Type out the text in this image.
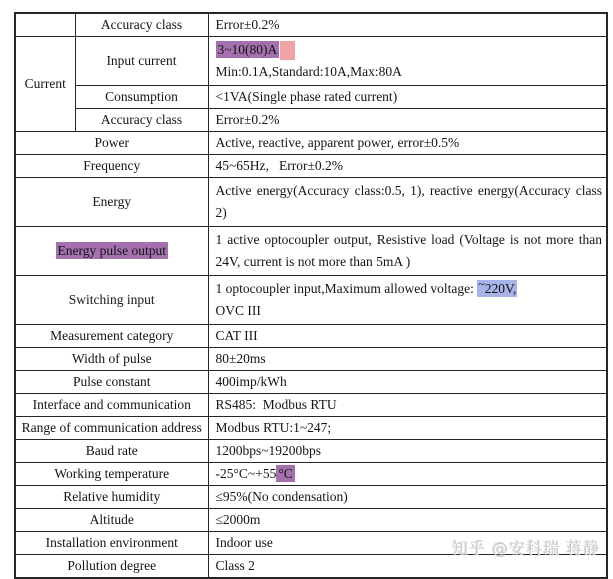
	Accuracy class	Error±0.2%
Current	Input current	3~10(80)A
Min:0.1A,Standard:10A,Max:80A

	Consumption	<1VA(Single phase rated current)
	Accuracy class	Error±0.2%
Power		Active, reactive, apparent power, error±0.5%
Frequency		45~65Hz,   Error±0.2%
Energy		Active energy(Accuracy class:0.5, 1), reactive energy(Accuracy class 2)
Energy pulse output		1 active optocoupler output, Resistive load (Voltage is not more than 24V, current is not more than 5mA )
Switching input		1 optocoupler input,Maximum allowed voltage: ~220V,
OVC III

Measurement category		CAT III
Width of pulse		80±20ms
Pulse constant		400imp/kWh
Interface and communication		RS485:  Modbus RTU
Range of communication address		Modbus RTU:1~247;
Baud rate		1200bps~19200bps
Working temperature		-25°C~+55 °C
Relative humidity		≤95%(No condensation)
Altitude		≤2000m
Installation environment		Indoor use
Pollution degree		Class 2
知乎 @安科瑞 蒋静
